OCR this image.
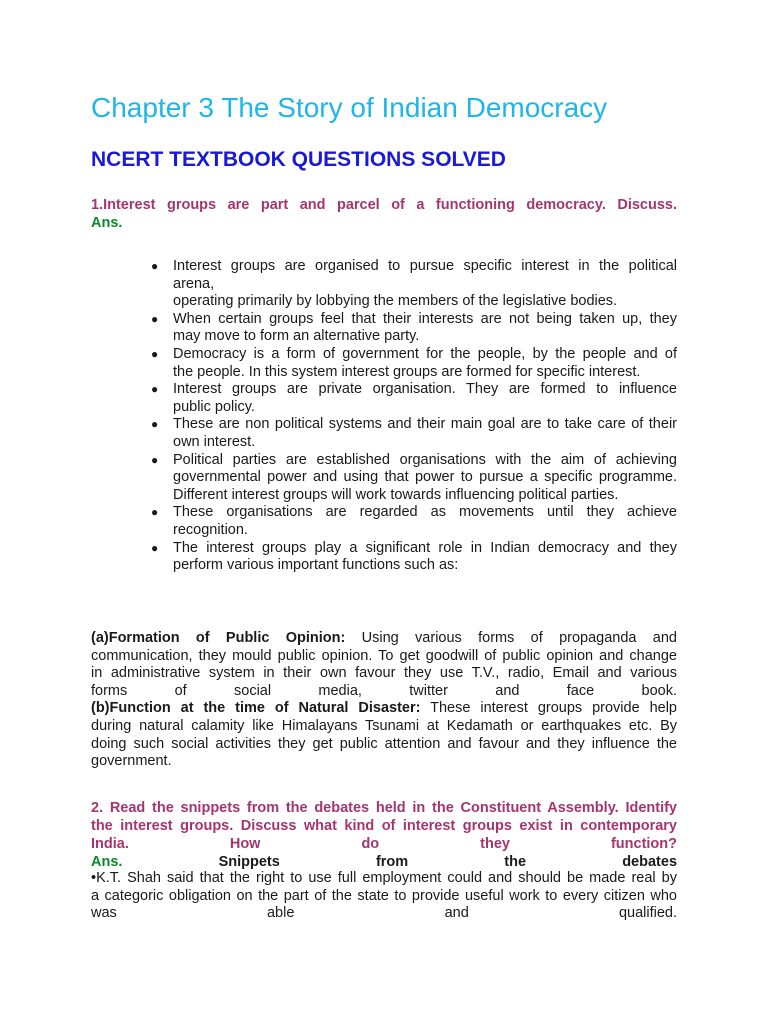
Chapter 3 The Story of Indian Democracy
NCERT TEXTBOOK QUESTIONS SOLVED
1.Interest groups are part and parcel of a functioning democracy. Discuss.
Ans.
● Interest groups are organised to pursue specific interest in the political
arena,
operating primarily by lobbying the members of the legislative bodies.
● When certain groups feel that their interests are not being taken up, they
may move to form an alternative party.
● Democracy is a form of government for the people, by the people and of
the people. In this system interest groups are formed for specific interest.
● Interest groups are private organisation. They are formed to influence
public policy.
● These are non political systems and their main goal are to take care of their
own interest.
● Political parties are established organisations with the aim of achieving
governmental power and using that power to pursue a specific programme.
Different interest groups will work towards influencing political parties.
● These organisations are regarded as movements until they achieve
recognition.
● The interest groups play a significant role in Indian democracy and they
perform various important functions such as:
(a)Formation of Public Opinion: Using various forms of propaganda and
communication, they mould public opinion. To get goodwill of public opinion and change
in administrative system in their own favour they use T.V., radio, Email and various
forms of social media, twitter and face book.
(b)Function at the time of Natural Disaster: These interest groups provide help
during natural calamity like Himalayans Tsunami at Kedamath or earthquakes etc. By
doing such social activities they get public attention and favour and they influence the
government.
2. Read the snippets from the debates held in the Constituent Assembly. Identify
the interest groups. Discuss what kind of interest groups exist in contemporary
India. How do they function?
Ans.	Snippets from the debates
•K.T. Shah said that the right to use full employment could and should be made real by
a categoric obligation on the part of the state to provide useful work to every citizen who
was able and qualified.
